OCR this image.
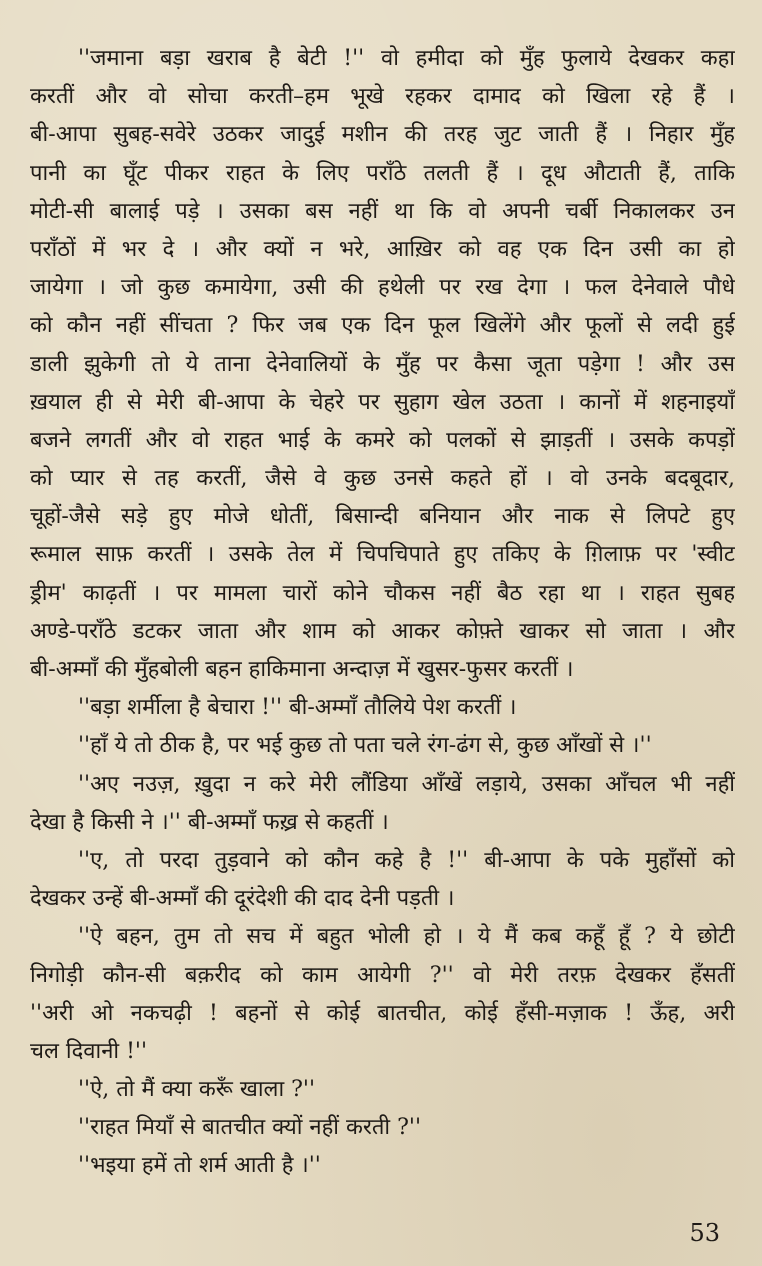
''जमाना बड़ा खराब है बेटी !'' वो हमीदा को मुँह फुलाये देखकर कहा
करतीं और वो सोचा करती–हम भूखे रहकर दामाद को खिला रहे हैं ।
बी-आपा सुबह-सवेरे उठकर जादुई मशीन की तरह जुट जाती हैं । निहार मुँह
पानी का घूँट पीकर राहत के लिए पराँठे तलती हैं । दूध औटाती हैं, ताकि
मोटी-सी बालाई पड़े । उसका बस नहीं था कि वो अपनी चर्बी निकालकर उन
पराँठों में भर दे । और क्यों न भरे, आख़िर को वह एक दिन उसी का हो
जायेगा । जो कुछ कमायेगा, उसी की हथेली पर रख देगा । फल देनेवाले पौधे
को कौन नहीं सींचता ? फिर जब एक दिन फूल खिलेंगे और फूलों से लदी हुई
डाली झुकेगी तो ये ताना देनेवालियों के मुँह पर कैसा जूता पड़ेगा ! और उस
ख़याल ही से मेरी बी-आपा के चेहरे पर सुहाग खेल उठता । कानों में शहनाइयाँ
बजने लगतीं और वो राहत भाई के कमरे को पलकों से झाड़तीं । उसके कपड़ों
को प्यार से तह करतीं, जैसे वे कुछ उनसे कहते हों । वो उनके बदबूदार,
चूहों-जैसे सड़े हुए मोजे धोतीं, बिसान्दी बनियान और नाक से लिपटे हुए
रूमाल साफ़ करतीं । उसके तेल में चिपचिपाते हुए तकिए के ग़िलाफ़ पर 'स्वीट
ड्रीम' काढ़तीं । पर मामला चारों कोने चौकस नहीं बैठ रहा था । राहत सुबह
अण्डे-पराँठे डटकर जाता और शाम को आकर कोफ़्ते खाकर सो जाता । और
बी-अम्माँ की मुँहबोली बहन हाकिमाना अन्दाज़ में खुसर-फुसर करतीं ।
''बड़ा शर्मीला है बेचारा !'' बी-अम्माँ तौलिये पेश करतीं ।
''हाँ ये तो ठीक है, पर भई कुछ तो पता चले रंग-ढंग से, कुछ आँखों से ।''
''अए नउज़, ख़ुदा न करे मेरी लौंडिया आँखें लड़ाये, उसका आँचल भी नहीं
देखा है किसी ने ।'' बी-अम्माँ फख़्र से कहतीं ।
''ए, तो परदा तुड़वाने को कौन कहे है !'' बी-आपा के पके मुहाँसों को
देखकर उन्हें बी-अम्माँ की दूरंदेशी की दाद देनी पड़ती ।
''ऐ बहन, तुम तो सच में बहुत भोली हो । ये मैं कब कहूँ हूँ ? ये छोटी
निगोड़ी कौन-सी बक़रीद को काम आयेगी ?'' वो मेरी तरफ़ देखकर हँसतीं
''अरी ओ नकचढ़ी ! बहनों से कोई बातचीत, कोई हँसी-मज़ाक ! ऊँह, अरी
चल दिवानी !''
''ऐ, तो मैं क्या करूँ खाला ?''
''राहत मियाँ से बातचीत क्यों नहीं करती ?''
''भइया हमें तो शर्म आती है ।''
53
